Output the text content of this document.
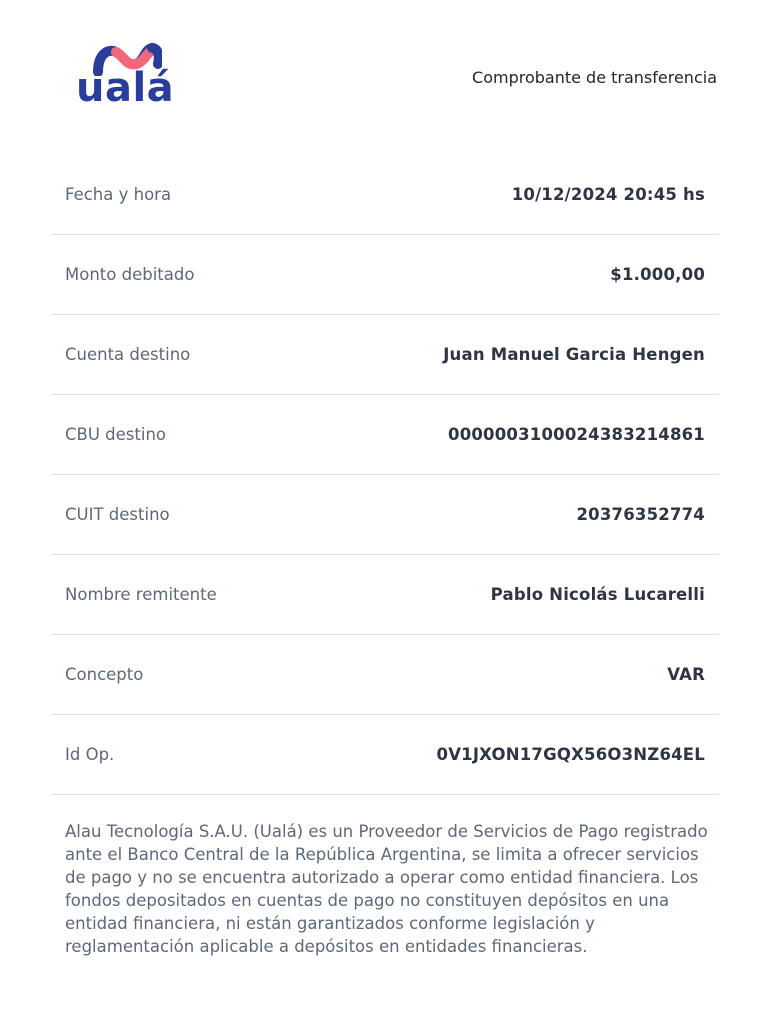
ualá	Comprobante de transferencia
Fecha y hora	10/12/2024 20:45 hs
Monto debitado	$1.000,00
Cuenta destino	Juan Manuel Garcia Hengen
CBU destino	0000003100024383214861
CUIT destino	20376352774
Nombre remitente	Pablo Nicolás Lucarelli
Concepto	VAR
Id Op.	0V1JXON17GQX56O3NZ64EL
Alau Tecnología S.A.U. (Ualá) es un Proveedor de Servicios de Pago registrado ante el Banco Central de la República Argentina, se limita a ofrecer servicios de pago y no se encuentra autorizado a operar como entidad financiera. Los fondos depositados en cuentas de pago no constituyen depósitos en una entidad financiera, ni están garantizados conforme legislación y reglamentación aplicable a depósitos en entidades financieras.
